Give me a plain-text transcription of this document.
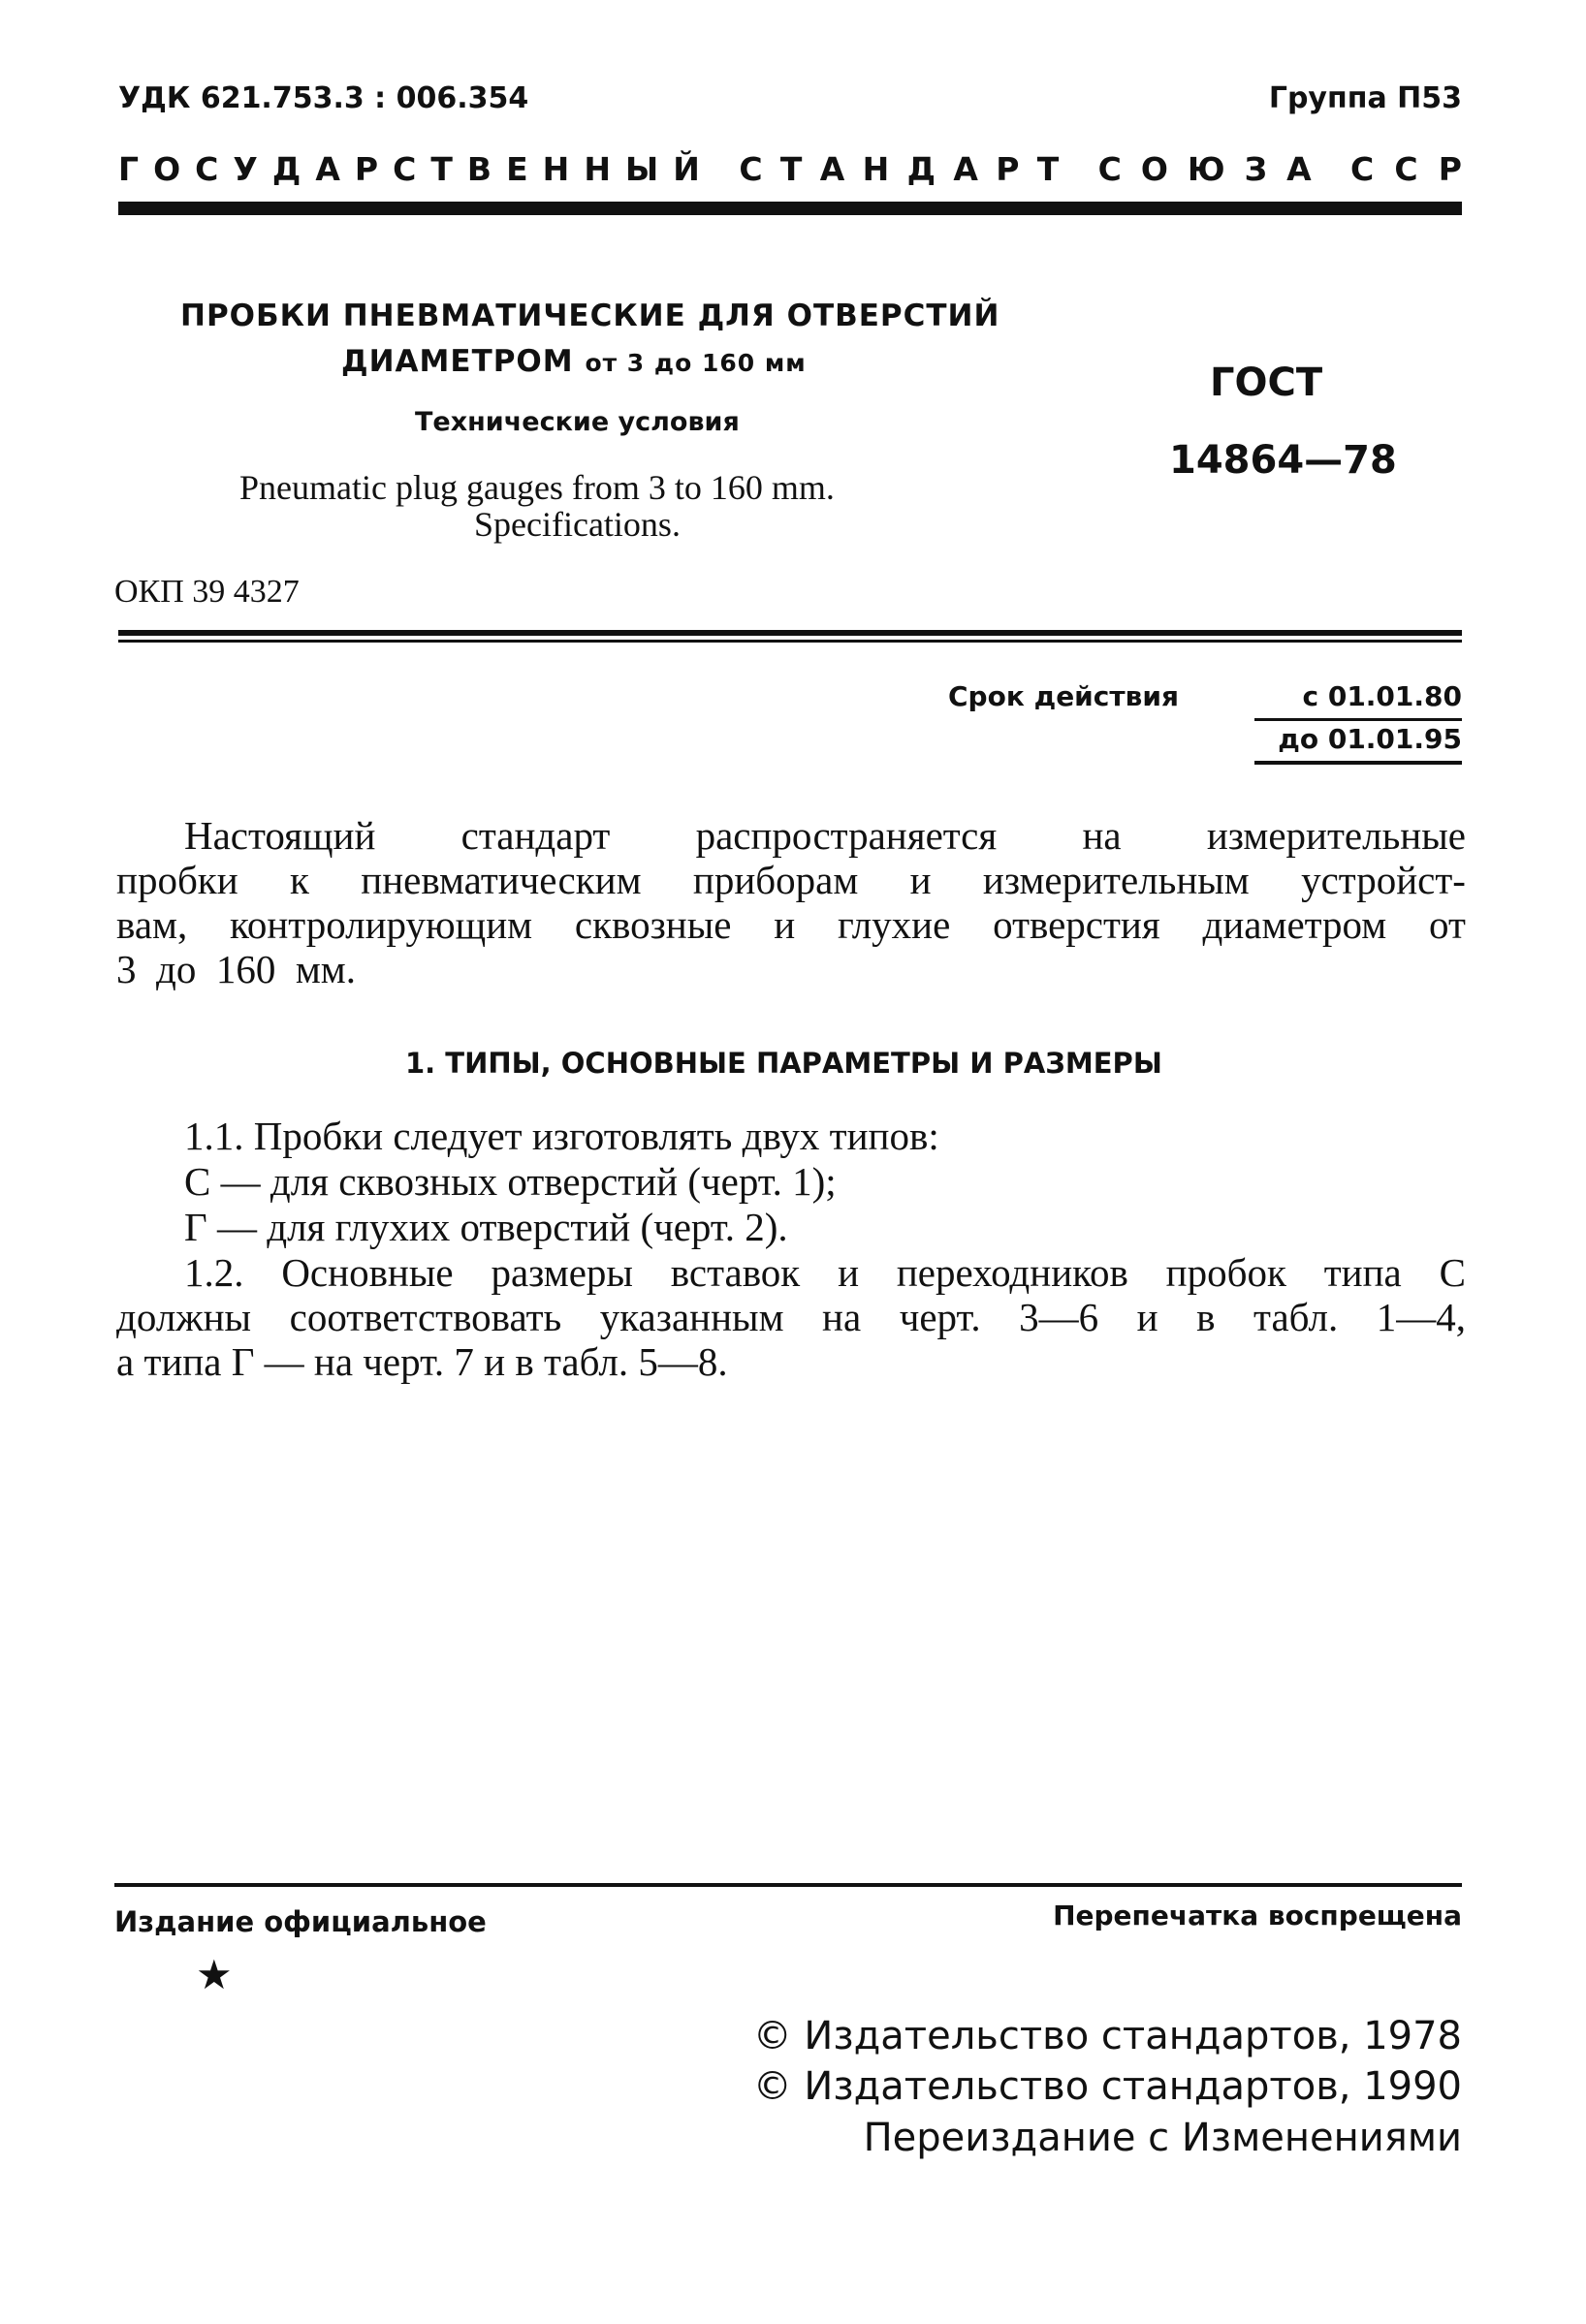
УДК 621.753.3 : 006.354	Группа П53
Г О С У Д А Р С Т В Е Н Н Ы Й С Т А Н Д А Р Т С О Ю З А С С Р
ПРОБКИ ПНЕВМАТИЧЕСКИЕ ДЛЯ ОТВЕРСТИЙ
ДИАМЕТРОМ от 3 до 160 мм
Технические условия
Pneumatic plug gauges from 3 to 160 mm.
Specifications.
ГОСТ
14864—78
ОКП 39 4327
Срок действия	с 01.01.80
до 01.01.95
Настоящий стандарт распространяется на измерительные
пробки к пневматическим приборам и измерительным устройст-
вам, контролирующим сквозные и глухие отверстия диаметром от
3  до  160  мм.
1. ТИПЫ, ОСНОВНЫЕ ПАРАМЕТРЫ И РАЗМЕРЫ
1.1. Пробки следует изготовлять двух типов:
С — для сквозных отверстий (черт. 1);
Г — для глухих отверстий (черт. 2).
1.2. Основные размеры вставок и переходников пробок типа С
должны соответствовать указанным на черт. 3—6 и в табл. 1—4,
а типа Г — на черт. 7 и в табл. 5—8.
Издание официальное	Перепечатка воспрещена
★
© Издательство стандартов, 1978
© Издательство стандартов, 1990
Переиздание с Изменениями
